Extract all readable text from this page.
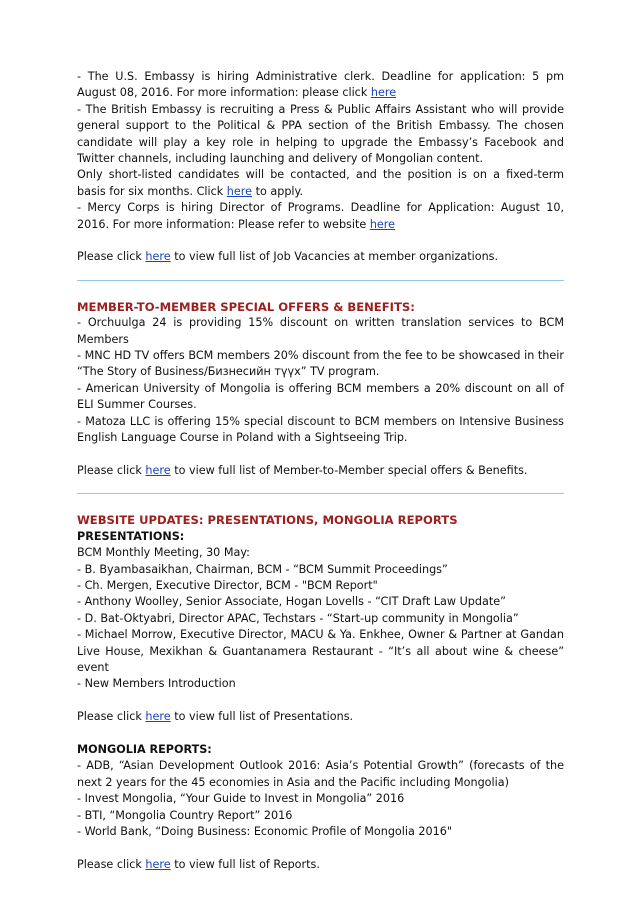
- The U.S. Embassy is hiring Administrative clerk. Deadline for application: 5 pm August 08, 2016. For more information: please click here

- The British Embassy is recruiting a Press & Public Affairs Assistant who will provide general support to the Political & PPA section of the British Embassy. The chosen candidate will play a key role in helping to upgrade the Embassy’s Facebook and Twitter channels, including launching and delivery of Mongolian content.

Only short-listed candidates will be contacted, and the position is on a fixed-term basis for six months. Click here to apply.

- Mercy Corps is hiring Director of Programs. Deadline for Application: August 10, 2016. For more information: Please refer to website here

Please click here to view full list of Job Vacancies at member organizations.

MEMBER-TO-MEMBER SPECIAL OFFERS & BENEFITS:

- Orchuulga 24 is providing 15% discount on written translation services to BCM Members

- MNC HD TV offers BCM members 20% discount from the fee to be showcased in their “The Story of Business/Бизнесийн түүх” TV program.

- American University of Mongolia is offering BCM members a 20% discount on all of ELI Summer Courses.

- Matoza LLC is offering 15% special discount to BCM members on Intensive Business English Language Course in Poland with a Sightseeing Trip.

Please click here to view full list of Member-to-Member special offers & Benefits.

WEBSITE UPDATES: PRESENTATIONS, MONGOLIA REPORTS

PRESENTATIONS:

BCM Monthly Meeting, 30 May:

- B. Byambasaikhan, Chairman, BCM - “BCM Summit Proceedings”

- Ch. Mergen, Executive Director, BCM - "BCM Report"

- Anthony Woolley, Senior Associate, Hogan Lovells - “CIT Draft Law Update”

- D. Bat-Oktyabri, Director APAC, Techstars - “Start-up community in Mongolia”

- Michael Morrow, Executive Director, MACU & Ya. Enkhee, Owner & Partner at Gandan Live House, Mexikhan & Guantanamera Restaurant - “It’s all about wine & cheese” event

- New Members Introduction

Please click here to view full list of Presentations.

MONGOLIA REPORTS:

- ADB, “Asian Development Outlook 2016: Asia’s Potential Growth” (forecasts of the next 2 years for the 45 economies in Asia and the Pacific including Mongolia)

- Invest Mongolia, “Your Guide to Invest in Mongolia” 2016

- BTI, “Mongolia Country Report” 2016

- World Bank, “Doing Business: Economic Profile of Mongolia 2016"

Please click here to view full list of Reports.
